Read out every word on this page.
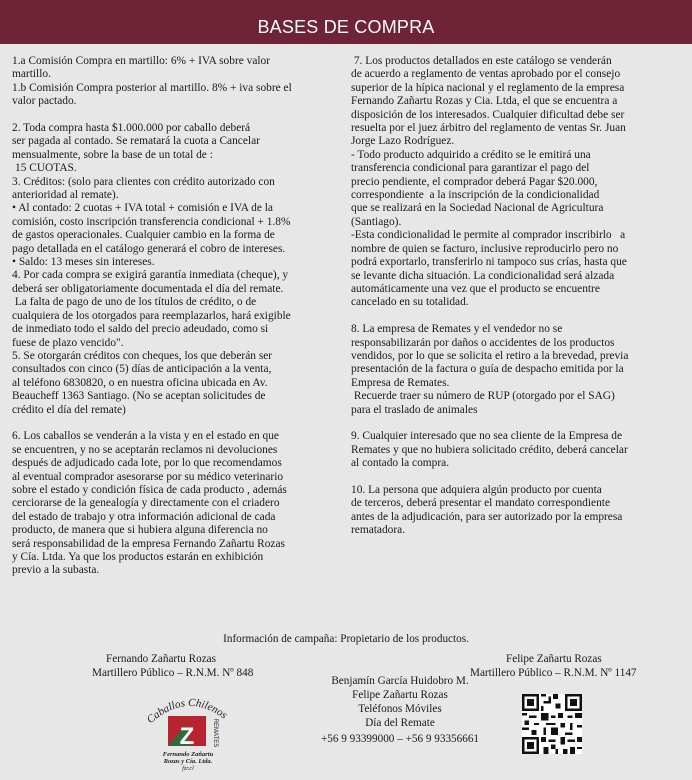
BASES DE COMPRA

1.a Comisión Compra en martillo: 6% + IVA sobre valor
martillo.

1.b Comisión Compra posterior al martillo. 8% + iva sobre el
valor pactado.

2. Toda compra hasta $1.000.000 por caballo deberá
ser pagada al contado. Se rematará la cuota a Cancelar
mensualmente, sobre la base de un total de :
15 CUOTAS.

3. Créditos: (solo para clientes con crédito autorizado con
anterioridad al remate).
• Al contado: 2 cuotas + IVA total + comisión e IVA de la
comisión, costo inscripción transferencia condicional + 1.8%
de gastos operacionales. Cualquier cambio en la forma de
pago detallada en el catálogo generará el cobro de intereses.
• Saldo: 13 meses sin intereses.

4. Por cada compra se exigirá garantía inmediata (cheque), y
deberá ser obligatoriamente documentada el día del remate.
La falta de pago de uno de los títulos de crédito, o de
cualquiera de los otorgados para reemplazarlos, hará exigible
de inmediato todo el saldo del precio adeudado, como si
fuese de plazo vencido".

5. Se otorgarán créditos con cheques, los que deberán ser
consultados con cinco (5) días de anticipación a la venta,
al teléfono 6830820, o en nuestra oficina ubicada en Av.
Beaucheff 1363 Santiago. (No se aceptan solicitudes de
crédito el día del remate)

6. Los caballos se venderán a la vista y en el estado en que
se encuentren, y no se aceptarán reclamos ni devoluciones
después de adjudicado cada lote, por lo que recomendamos
al eventual comprador asesorarse por su médico veterinario
sobre el estado y condición física de cada producto , además
cerciorarse de la genealogía y directamente con el criadero
del estado de trabajo y otra información adicional de cada
producto, de manera que si hubiera alguna diferencia no
será responsabilidad de la empresa Fernando Zañartu Rozas
y Cía. Ltda. Ya que los productos estarán en exhibición
previo a la subasta.

7. Los productos detallados en este catálogo se venderán
de acuerdo a reglamento de ventas aprobado por el consejo
superior de la hípica nacional y el reglamento de la empresa
Fernando Zañartu Rozas y Cia. Ltda, el que se encuentra a
disposición de los interesados. Cualquier dificultad debe ser
resuelta por el juez árbitro del reglamento de ventas Sr. Juan
Jorge Lazo Rodríguez.
- Todo producto adquirido a crédito se le emitirá una
transferencia condicional para garantizar el pago del
precio pendiente, el comprador deberá Pagar $20.000,
correspondiente  a la inscripción de la condicionalidad
que se realizará en la Sociedad Nacional de Agricultura
(Santiago).
-Esta condicionalidad le permite al comprador inscribirlo   a
nombre de quien se facturo, inclusive reproducirlo pero no
podrá exportarlo, transferirlo ni tampoco sus crías, hasta que
se levante dicha situación. La condicionalidad será alzada
automáticamente una vez que el producto se encuentre
cancelado en su totalidad.

8. La empresa de Remates y el vendedor no se
responsabilizarán por daños o accidentes de los productos
vendidos, por lo que se solicita el retiro a la brevedad, previa
presentación de la factura o guía de despacho emitida por la
Empresa de Remates.
Recuerde traer su número de RUP (otorgado por el SAG)
para el traslado de animales

9. Cualquier interesado que no sea cliente de la Empresa de
Remates y que no hubiera solicitado crédito, deberá cancelar
al contado la compra.

10. La persona que adquiera algún producto por cuenta
de terceros, deberá presentar el mandato correspondiente
antes de la adjudicación, para ser autorizado por la empresa
rematadora.

Información de campaña: Propietario de los productos.
Fernando Zañartu Rozas
Martillero Público – R.N.M. Nº 848
Felipe Zañartu Rozas
Martillero Público – R.N.M. Nº 1147
Benjamín García Huidobro M.
Felipe Zañartu Rozas
Teléfonos Móviles
Día del Remate
+56 9 93399000 – +56 9 93356661
Caballos Chilenos
Z	REMATES
Fernando Zañartu
Rozas y Cía. Ltda.
fzr.cl
